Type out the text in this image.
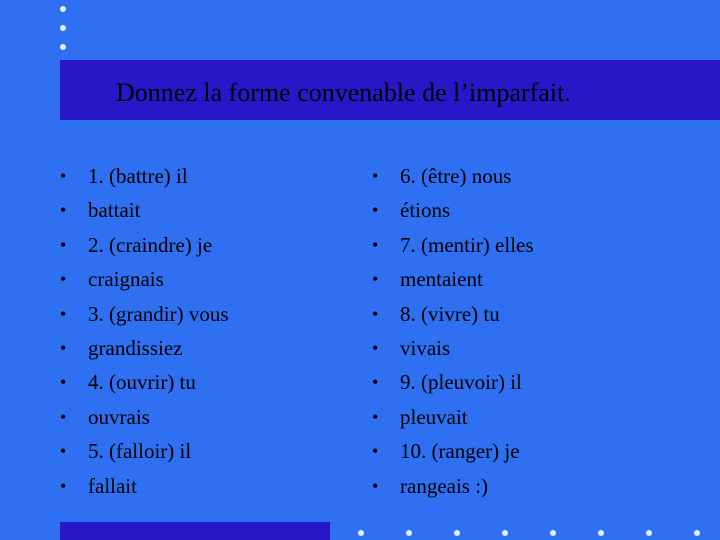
Donnez la forme convenable de l’imparfait.
• 1. (battre) il
• battait
• 2. (craindre) je
• craignais
• 3. (grandir) vous
• grandissiez
• 4. (ouvrir) tu
• ouvrais
• 5. (falloir) il
• fallait
• 6. (être) nous
• étions
• 7. (mentir) elles
• mentaient
• 8. (vivre) tu
• vivais
• 9. (pleuvoir) il
• pleuvait
• 10. (ranger) je
• rangeais :)
